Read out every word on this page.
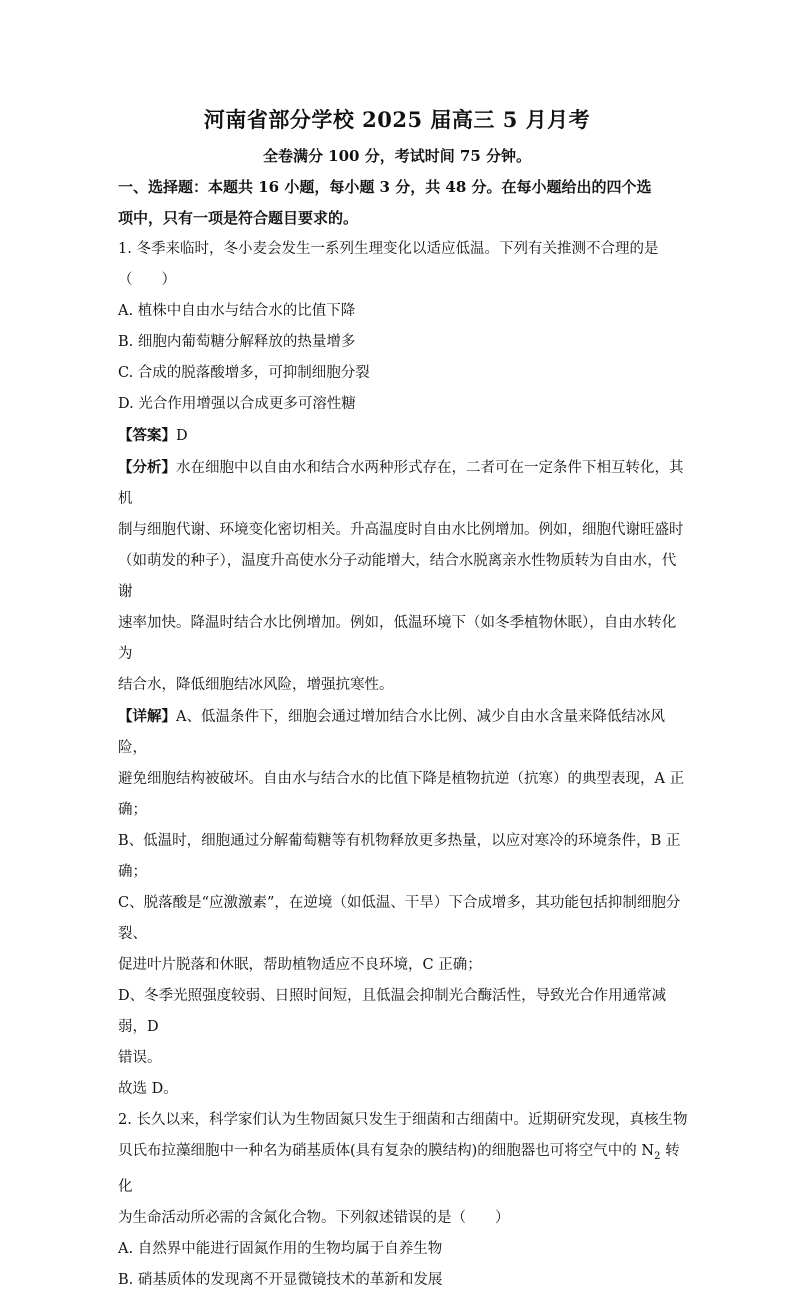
河南省部分学校 2025 届高三 5 月月考
全卷满分 100 分，考试时间 75 分钟。

一、选择题：本题共 16 小题，每小题 3 分，共 48 分。在每小题给出的四个选

项中，只有一项是符合题目要求的。

1. 冬季来临时，冬小麦会发生一系列生理变化以适应低温。下列有关推测不合理的是

（　　）

A. 植株中自由水与结合水的比值下降

B. 细胞内葡萄糖分解释放的热量增多

C. 合成的脱落酸增多，可抑制细胞分裂

D. 光合作用增强以合成更多可溶性糖

【答案】D

【分析】水在细胞中以自由水和结合水两种形式存在，二者可在一定条件下相互转化，其机

制与细胞代谢、环境变化密切相关。升高温度时自由水比例增加。例如，细胞代谢旺盛时

（如萌发的种子），温度升高使水分子动能增大，结合水脱离亲水性物质转为自由水，代谢

速率加快。降温时结合水比例增加。例如，低温环境下（如冬季植物休眠），自由水转化为

结合水，降低细胞结冰风险，增强抗寒性。

【详解】A、低温条件下，细胞会通过增加结合水比例、减少自由水含量来降低结冰风险，

避免细胞结构被破坏。自由水与结合水的比值下降是植物抗逆（抗寒）的典型表现，A 正确；

B、低温时，细胞通过分解葡萄糖等有机物释放更多热量，以应对寒冷的环境条件，B 正确；

C、脱落酸是“应激激素”，在逆境（如低温、干旱）下合成增多，其功能包括抑制细胞分裂、

促进叶片脱落和休眠，帮助植物适应不良环境，C 正确；

D、冬季光照强度较弱、日照时间短，且低温会抑制光合酶活性，导致光合作用通常减弱，D

错误。

故选 D。

2. 长久以来，科学家们认为生物固氮只发生于细菌和古细菌中。近期研究发现，真核生物

贝氏布拉藻细胞中一种名为硝基质体(具有复杂的膜结构)的细胞器也可将空气中的 $N_2$ 转化

为生命活动所必需的含氮化合物。下列叙述错误的是（　　）

A. 自然界中能进行固氮作用的生物均属于自养生物

B. 硝基质体的发现离不开显微镜技术的革新和发展
